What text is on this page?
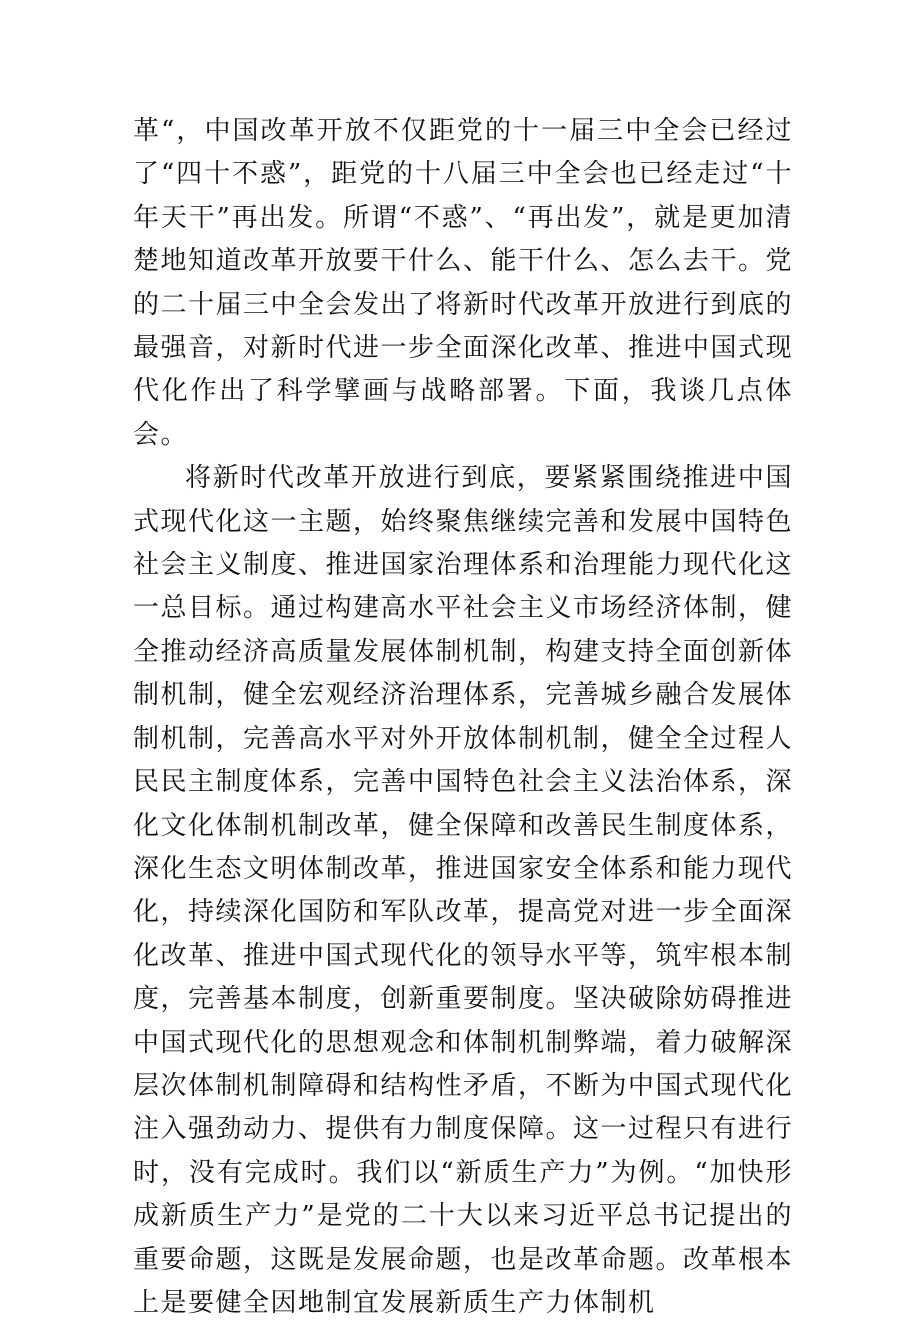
革“，中国改革开放不仅距党的十一届三中全会已经过了“四十不惑”，距党的十八届三中全会也已经走过“十年天干”再出发。所谓“不惑”、“再出发”，就是更加清楚地知道改革开放要干什么、能干什么、怎么去干。党的二十届三中全会发出了将新时代改革开放进行到底的最强音，对新时代进一步全面深化改革、推进中国式现代化作出了科学擘画与战略部署。下面，我谈几点体会。

将新时代改革开放进行到底，要紧紧围绕推进中国式现代化这一主题，始终聚焦继续完善和发展中国特色社会主义制度、推进国家治理体系和治理能力现代化这一总目标。通过构建高水平社会主义市场经济体制，健全推动经济高质量发展体制机制，构建支持全面创新体制机制，健全宏观经济治理体系，完善城乡融合发展体制机制，完善高水平对外开放体制机制，健全全过程人民民主制度体系，完善中国特色社会主义法治体系，深化文化体制机制改革，健全保障和改善民生制度体系，深化生态文明体制改革，推进国家安全体系和能力现代化，持续深化国防和军队改革，提高党对进一步全面深化改革、推进中国式现代化的领导水平等，筑牢根本制度，完善基本制度，创新重要制度。坚决破除妨碍推进中国式现代化的思想观念和体制机制弊端，着力破解深层次体制机制障碍和结构性矛盾，不断为中国式现代化注入强劲动力、提供有力制度保障。这一过程只有进行时，没有完成时。我们以“新质生产力”为例。“加快形成新质生产力”是党的二十大以来习近平总书记提出的重要命题，这既是发展命题，也是改革命题。改革根本上是要健全因地制宜发展新质生产力体制机
